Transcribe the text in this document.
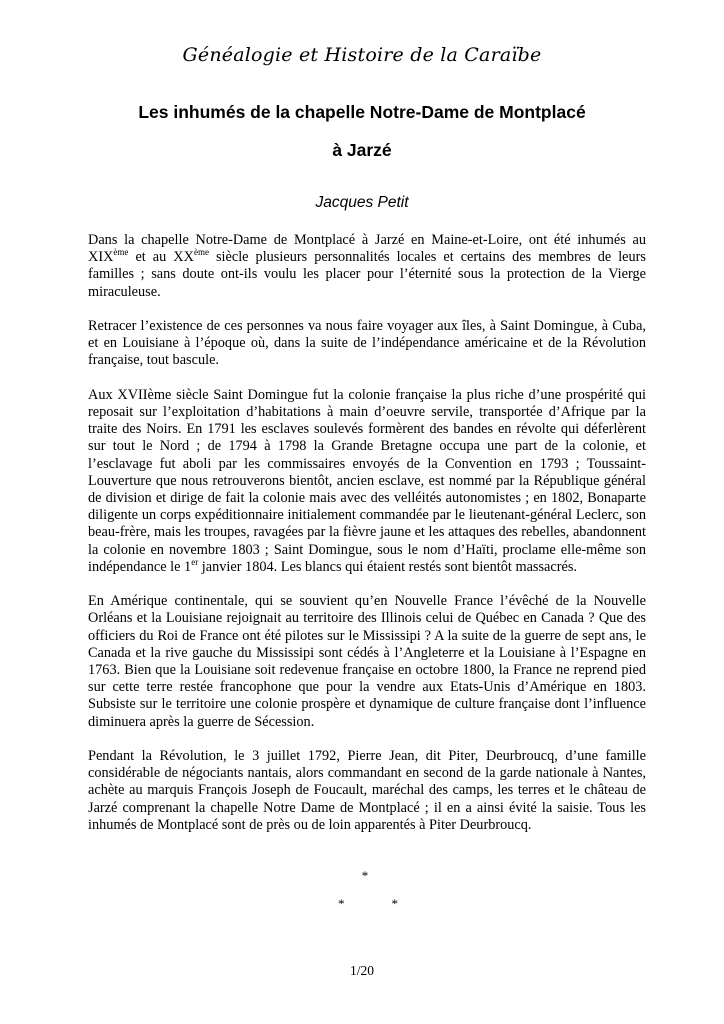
Généalogie et Histoire de la Caraïbe
Les inhumés de la chapelle Notre-Dame de Montplacé
à Jarzé
Jacques Petit

Dans la chapelle Notre-Dame de Montplacé à Jarzé en Maine-et-Loire, ont été inhumés au XIXème et au XXème siècle plusieurs personnalités locales et certains des membres de leurs familles ; sans doute ont-ils voulu les placer pour l’éternité sous la protection de la Vierge miraculeuse.

Retracer l’existence de ces personnes va nous faire voyager aux îles, à Saint Domingue, à Cuba, et en Louisiane à l’époque où, dans la suite de l’indépendance américaine et de la Révolution française, tout bascule.

Aux XVIIème siècle Saint Domingue fut la colonie française la plus riche d’une prospérité qui reposait sur l’exploitation d’habitations à main d’oeuvre servile, transportée d’Afrique par la traite des Noirs. En 1791 les esclaves soulevés formèrent des bandes en révolte qui déferlèrent sur tout le Nord ; de 1794 à 1798 la Grande Bretagne occupa une part de la colonie, et l’esclavage fut aboli par les commissaires envoyés de la Convention en 1793 ; Toussaint-Louverture que nous retrouverons bientôt, ancien esclave, est nommé par la République général de division et dirige de fait la colonie mais avec des velléités autonomistes ; en 1802, Bonaparte diligente un corps expéditionnaire initialement commandée par le lieutenant-général Leclerc, son beau-frère, mais les troupes, ravagées par la fièvre jaune et les attaques des rebelles, abandonnent la colonie en novembre 1803 ; Saint Domingue, sous le nom d’Haïti, proclame elle-même son indépendance le 1er janvier 1804. Les blancs qui étaient restés sont bientôt massacrés.

En Amérique continentale, qui se souvient qu’en Nouvelle France l’évêché de la Nouvelle Orléans et la Louisiane rejoignait au territoire des Illinois celui de Québec en Canada ? Que des officiers du Roi de France ont été pilotes sur le Mississipi ? A la suite de la guerre de sept ans, le Canada et la rive gauche du Mississipi sont cédés à l’Angleterre et la Louisiane à l’Espagne en 1763. Bien que la Louisiane soit redevenue française en octobre 1800, la France ne reprend pied sur cette terre restée francophone que pour la vendre aux Etats-Unis d’Amérique en 1803. Subsiste sur le territoire une colonie prospère et dynamique de culture française dont l’influence diminuera après la guerre de Sécession.

Pendant la Révolution, le 3 juillet 1792, Pierre Jean, dit Piter, Deurbroucq, d’une famille considérable de négociants nantais, alors commandant en second de la garde nationale à Nantes, achète au marquis François Joseph de Foucault, maréchal des camps, les terres et le château de Jarzé comprenant la chapelle Notre Dame de Montplacé ; il en a ainsi évité la saisie. Tous les inhumés de Montplacé sont de près ou de loin apparentés à Piter Deurbroucq.

*
*	*
1/20
